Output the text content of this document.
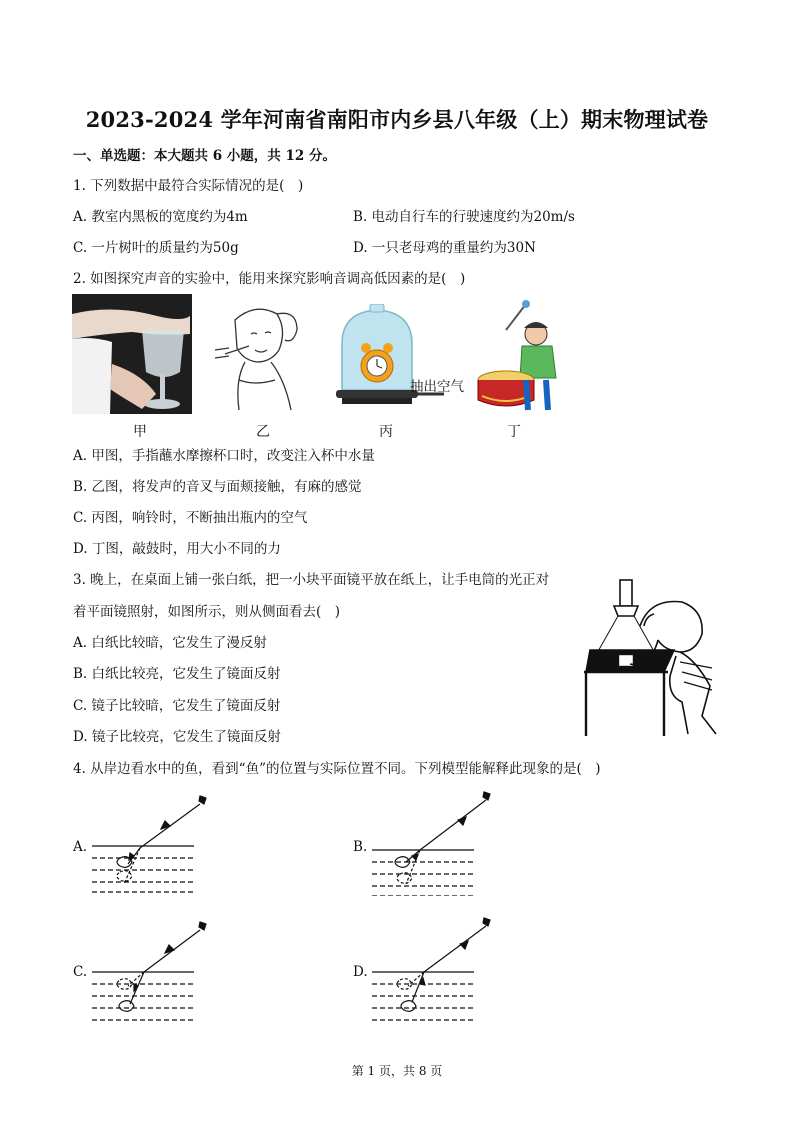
2023-2024 学年河南省南阳市内乡县八年级（上）期末物理试卷
一、单选题：本大题共 6 小题，共 12 分。
1. 下列数据中最符合实际情况的是(　)
A. 教室内黑板的宽度约为4m	B. 电动自行车的行驶速度约为20m/s
C. 一片树叶的质量约为50g	D. 一只老母鸡的重量约为30N
2. 如图探究声音的实验中，能用来探究影响音调高低因素的是(　)
抽出空气
甲	乙	丙	丁
A. 甲图，手指蘸水摩擦杯口时，改变注入杯中水量
B. 乙图，将发声的音叉与面颊接触，有麻的感觉
C. 丙图，响铃时，不断抽出瓶内的空气
D. 丁图，敲鼓时，用大小不同的力
3. 晚上，在桌面上铺一张白纸，把一小块平面镜平放在纸上，让手电筒的光正对
着平面镜照射，如图所示，则从侧面看去(　)
A. 白纸比较暗，它发生了漫反射
B. 白纸比较亮，它发生了镜面反射
C. 镜子比较暗，它发生了镜面反射
D. 镜子比较亮，它发生了镜面反射
4. 从岸边看水中的鱼，看到“鱼”的位置与实际位置不同。下列模型能解释此现象的是(　)
A.	B.
C.	D.
第 1 页，共 8 页
